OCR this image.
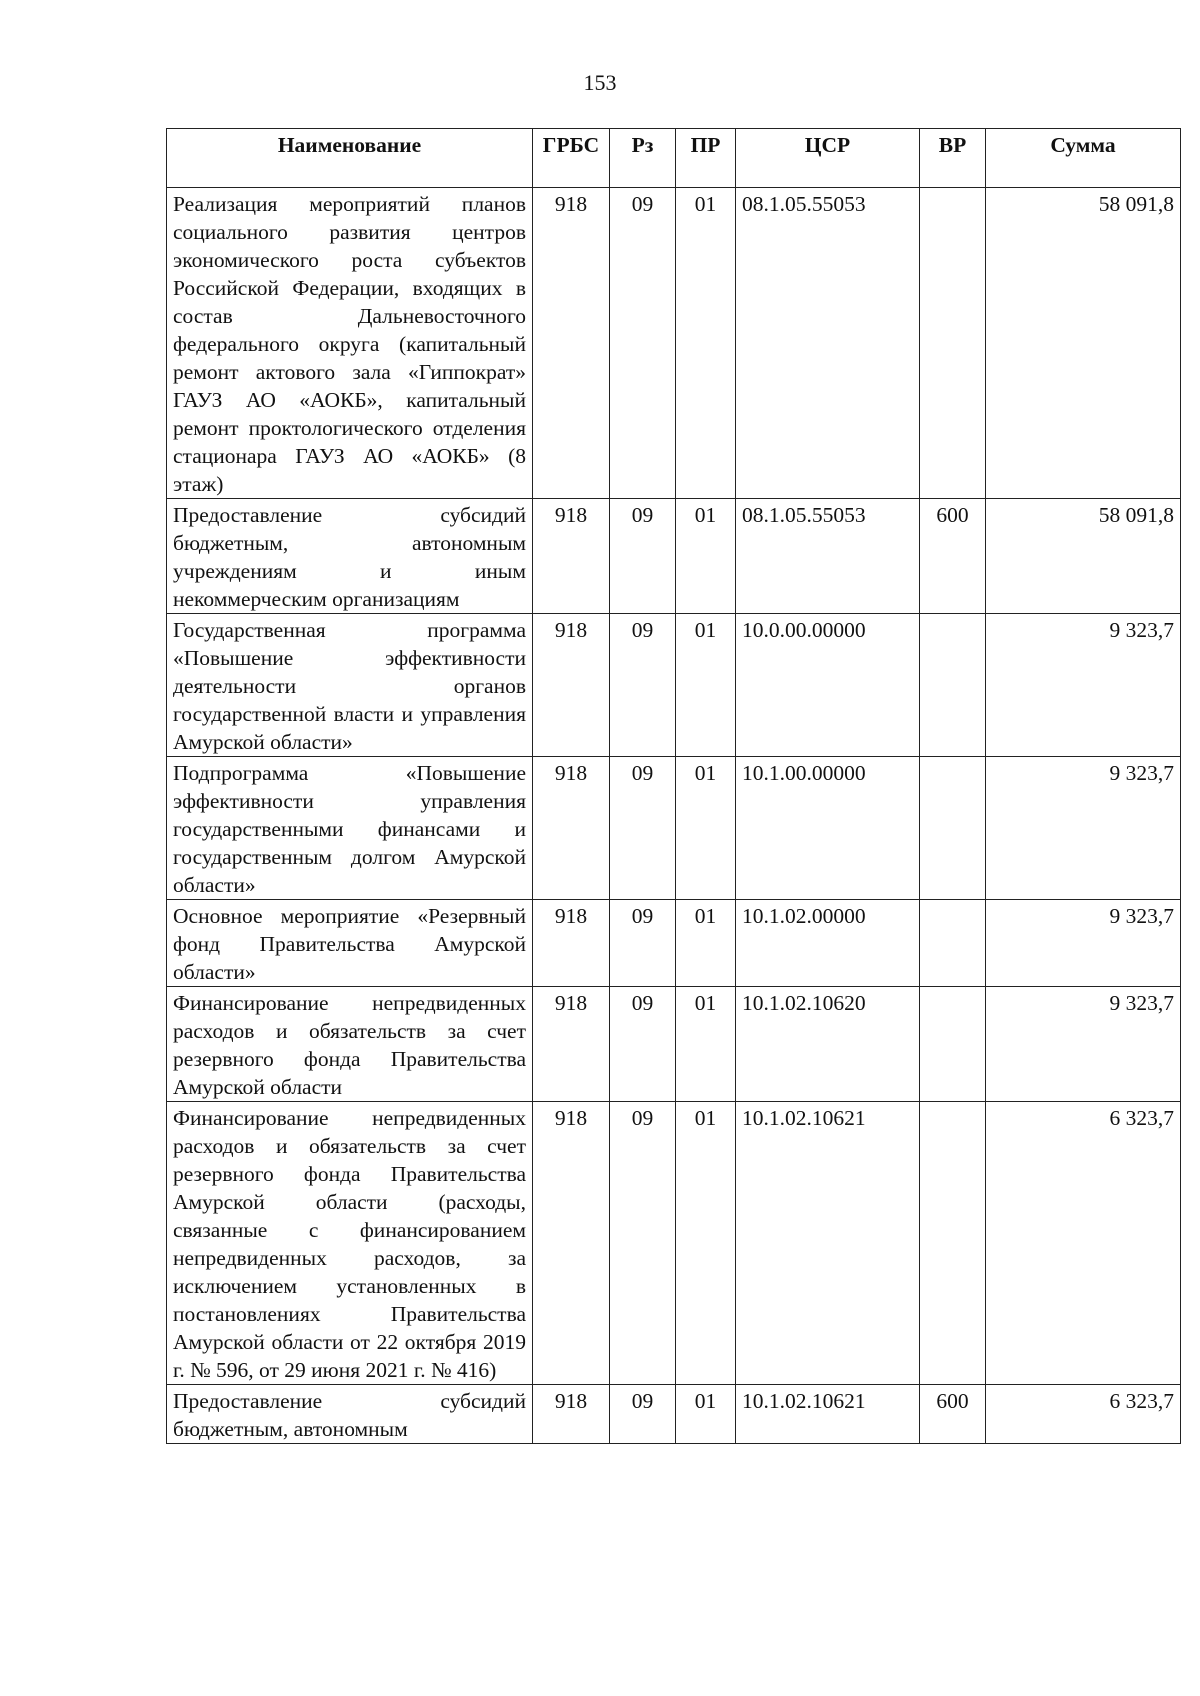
153
Наименование	ГРБС	Рз	ПР	ЦСР	ВР	Сумма
Реализация мероприятий планов социального развития центров экономического роста субъектов Российской Федерации, входящих в состав Дальневосточного федерального округа (капитальный ремонт актового зала «Гиппократ» ГАУЗ АО «АОКБ», капитальный ремонт проктологического отделения стационара ГАУЗ АО «АОКБ» (8 этаж)	918	09	01	08.1.05.55053		58 091,8
Предоставление субсидий бюджетным, автономным учреждениям и иным некоммерческим организациям	918	09	01	08.1.05.55053	600	58 091,8
Государственная программа «Повышение эффективности деятельности органов государственной власти и управления Амурской области»	918	09	01	10.0.00.00000		9 323,7
Подпрограмма «Повышение эффективности управления государственными финансами и государственным долгом Амурской области»	918	09	01	10.1.00.00000		9 323,7
Основное мероприятие «Резервный фонд Правительства Амурской области»	918	09	01	10.1.02.00000		9 323,7
Финансирование непредвиденных расходов и обязательств за счет резервного фонда Правительства Амурской области	918	09	01	10.1.02.10620		9 323,7
Финансирование непредвиденных расходов и обязательств за счет резервного фонда Правительства Амурской области (расходы, связанные с финансированием непредвиденных расходов, за исключением установленных в постановлениях Правительства Амурской области от 22 октября 2019 г. № 596, от 29 июня 2021 г. № 416)	918	09	01	10.1.02.10621		6 323,7
Предоставление субсидий бюджетным, автономным	918	09	01	10.1.02.10621	600	6 323,7
